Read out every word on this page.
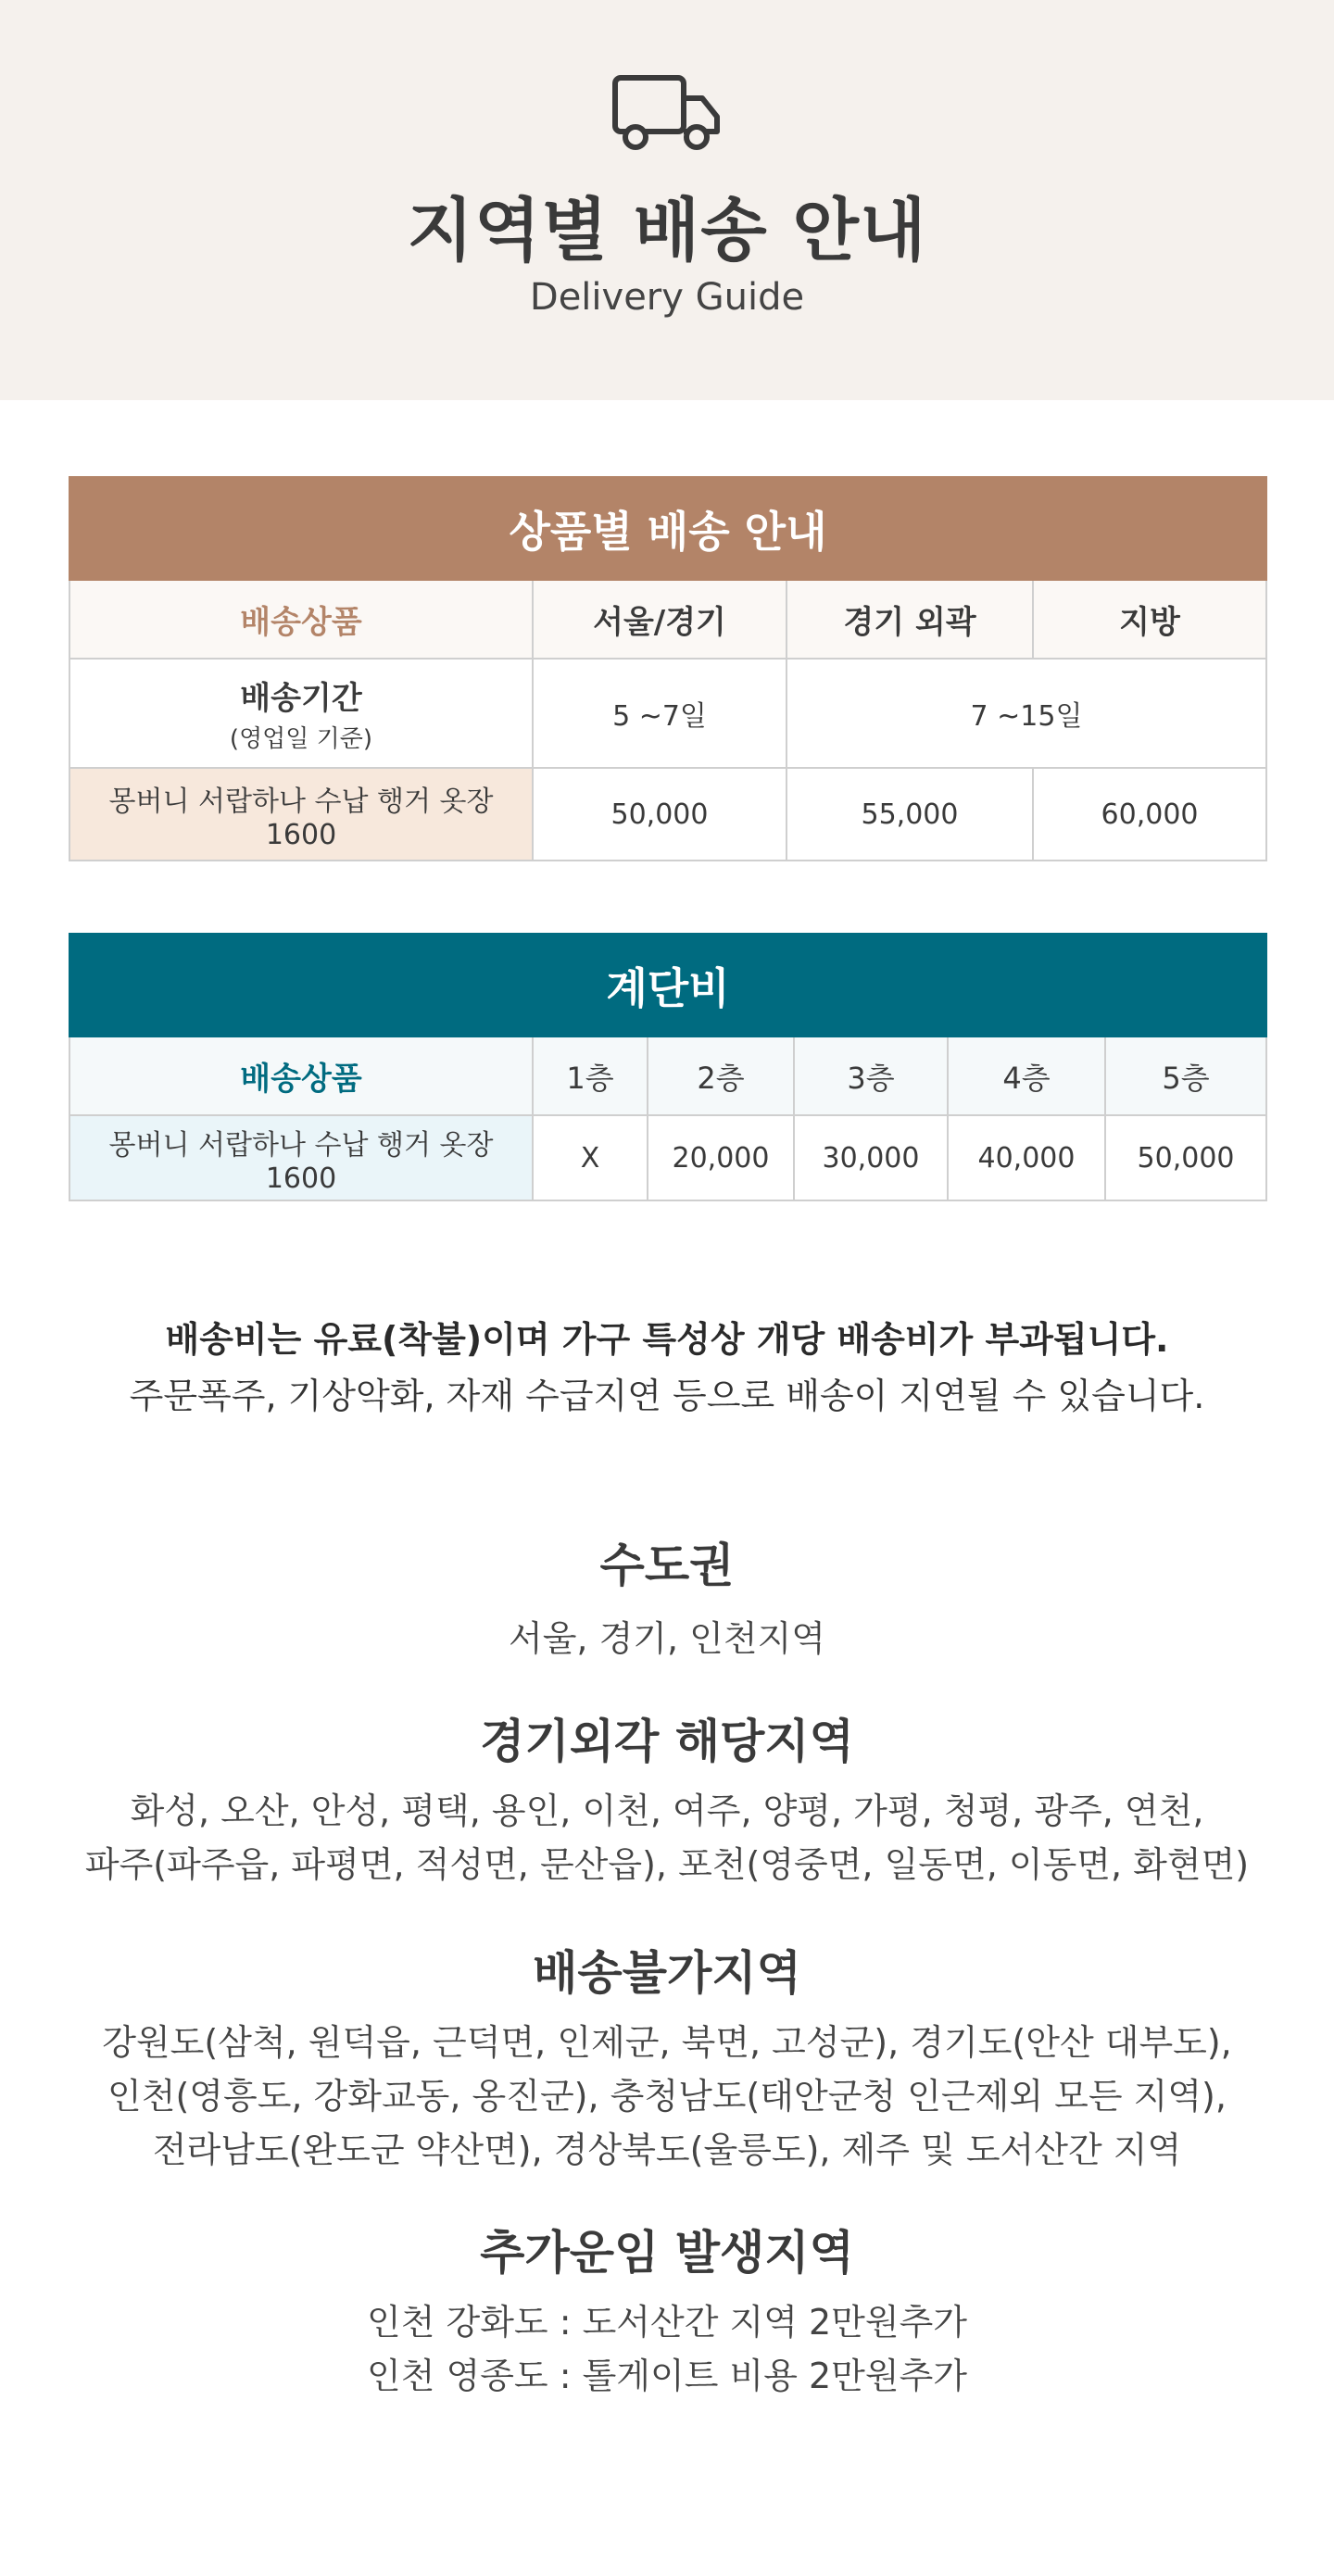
지역별 배송 안내
Delivery Guide
상품별 배송 안내			
배송상품	서울/경기	경기 외곽	지방

배송기간
(영업일 기준)	5 ~7일	7 ~15일	
몽버니 서랍하나 수납 행거 옷장 1600	50,000	55,000	60,000
계단비					
배송상품	1층	2층	3층	4층	5층
몽버니 서랍하나 수납 행거 옷장 1600	X	20,000	30,000	40,000	50,000
배송비는 유료(착불)이며 가구 특성상 개당 배송비가 부과됩니다.
주문폭주, 기상악화, 자재 수급지연 등으로 배송이 지연될 수 있습니다.
수도권

서울, 경기, 인천지역

경기외각 해당지역

화성, 오산, 안성, 평택, 용인, 이천, 여주, 양평, 가평, 청평, 광주, 연천,

파주(파주읍, 파평면, 적성면, 문산읍), 포천(영중면, 일동면, 이동면, 화현면)

배송불가지역

강원도(삼척, 원덕읍, 근덕면, 인제군, 북면, 고성군), 경기도(안산 대부도),

인천(영흥도, 강화교동, 옹진군), 충청남도(태안군청 인근제외 모든 지역),

전라남도(완도군 약산면), 경상북도(울릉도), 제주 및 도서산간 지역

추가운임 발생지역

인천 강화도 : 도서산간 지역 2만원추가

인천 영종도 : 톨게이트 비용 2만원추가
